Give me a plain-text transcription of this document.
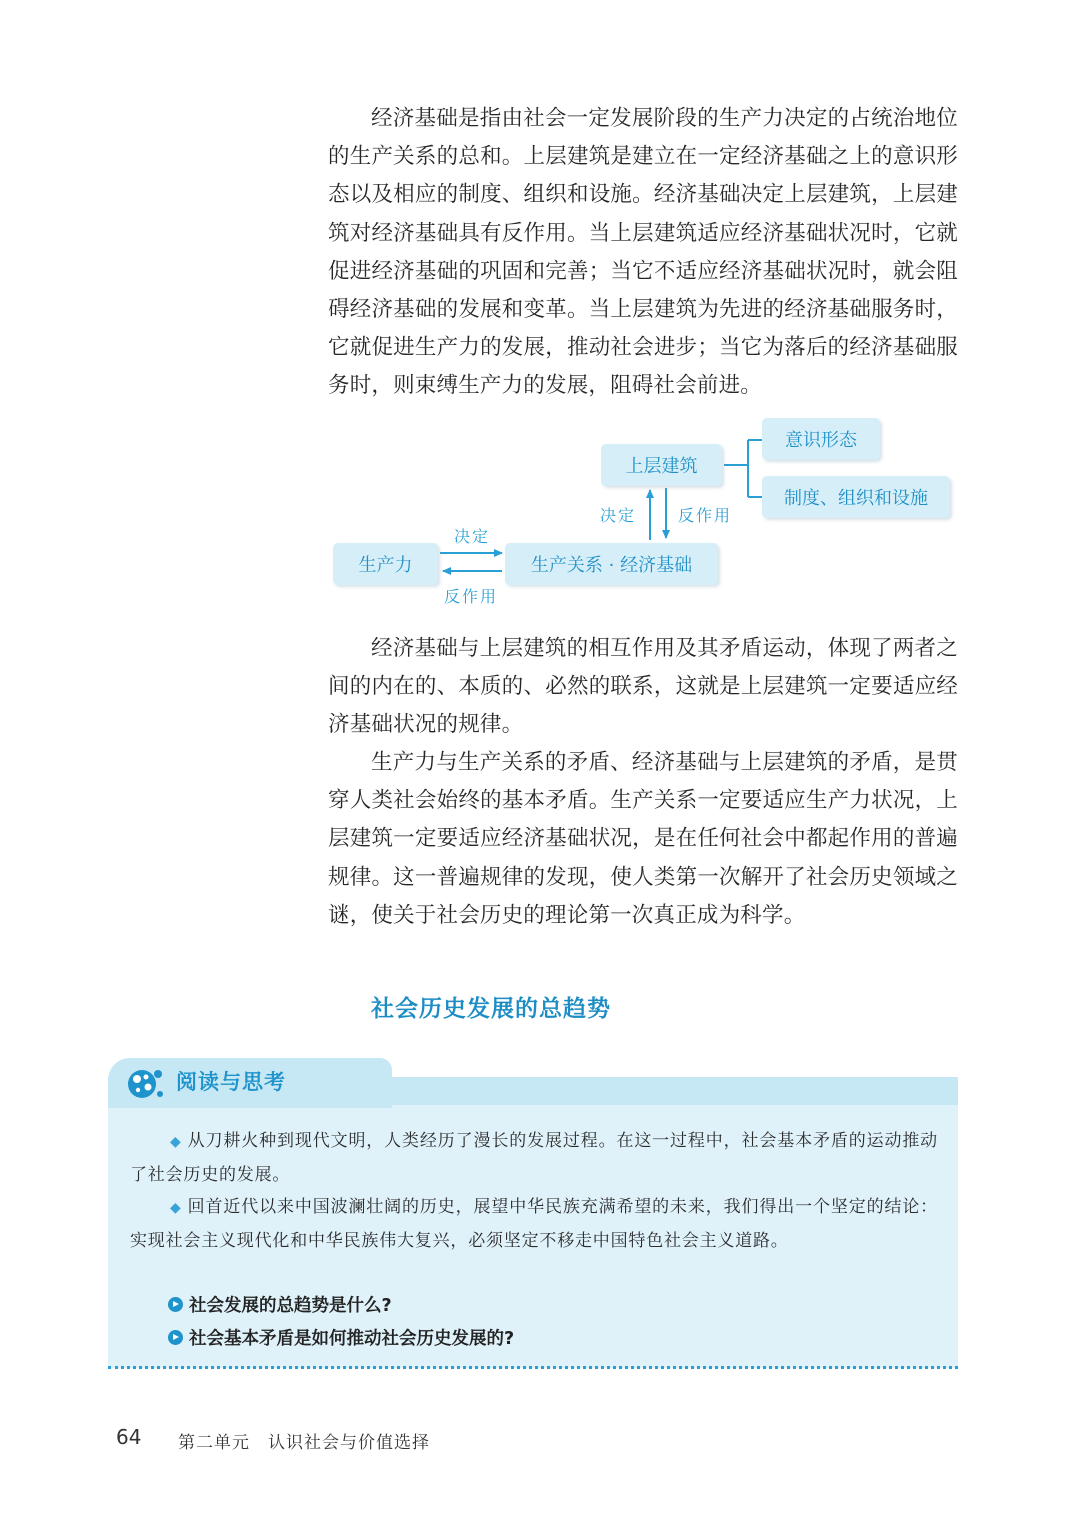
经济基础是指由社会一定发展阶段的生产力决定的占统治地位的生产关系的总和。上层建筑是建立在一定经济基础之上的意识形态以及相应的制度、组织和设施。经济基础决定上层建筑，上层建筑对经济基础具有反作用。当上层建筑适应经济基础状况时，它就促进经济基础的巩固和完善；当它不适应经济基础状况时，就会阻碍经济基础的发展和变革。当上层建筑为先进的经济基础服务时，它就促进生产力的发展，推动社会进步；当它为落后的经济基础服务时，则束缚生产力的发展，阻碍社会前进。

生产力	生产关系 · 经济基础
上层建筑
意识形态
制度、组织和设施
决定
反作用
决定	反作用

经济基础与上层建筑的相互作用及其矛盾运动，体现了两者之间的内在的、本质的、必然的联系，这就是上层建筑一定要适应经济基础状况的规律。

生产力与生产关系的矛盾、经济基础与上层建筑的矛盾，是贯穿人类社会始终的基本矛盾。生产关系一定要适应生产力状况，上层建筑一定要适应经济基础状况，是在任何社会中都起作用的普遍规律。这一普遍规律的发现，使人类第一次解开了社会历史领域之谜，使关于社会历史的理论第一次真正成为科学。

社会历史发展的总趋势
阅读与思考

◆ 从刀耕火种到现代文明，人类经历了漫长的发展过程。在这一过程中，社会基本矛盾的运动推动了社会历史的发展。

◆ 回首近代以来中国波澜壮阔的历史，展望中华民族充满希望的未来，我们得出一个坚定的结论：实现社会主义现代化和中华民族伟大复兴，必须坚定不移走中国特色社会主义道路。

社会发展的总趋势是什么?
社会基本矛盾是如何推动社会历史发展的?
64 第二单元　认识社会与价值选择
